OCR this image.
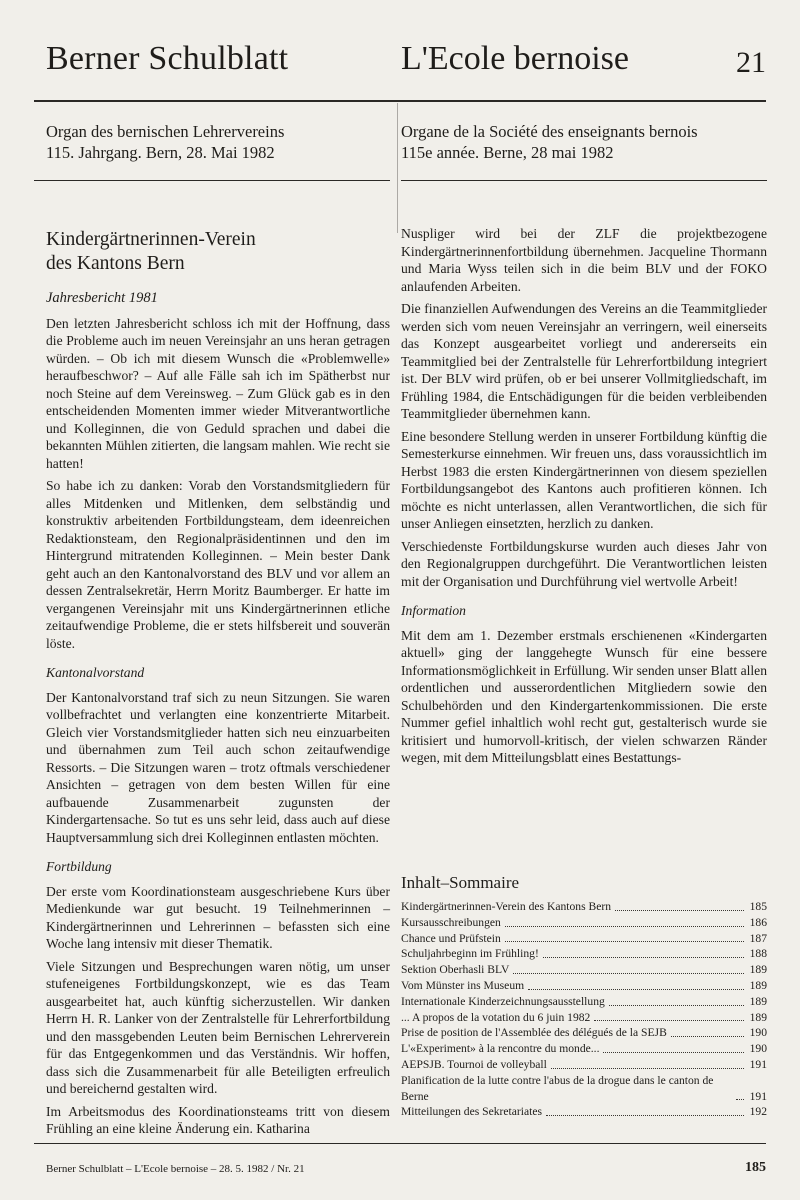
Berner Schulblatt	L'Ecole bernoise	21
Organ des bernischen Lehrervereins
115. Jahrgang. Bern, 28. Mai 1982
Organe de la Société des enseignants bernois
115e année. Berne, 28 mai 1982
Kindergärtnerinnen-Verein
des Kantons Bern
Jahresbericht 1981

Den letzten Jahresbericht schloss ich mit der Hoffnung, dass die Probleme auch im neuen Vereinsjahr an uns heran getragen würden. – Ob ich mit diesem Wunsch die «Problemwelle» heraufbeschwor? – Auf alle Fälle sah ich im Spätherbst nur noch Steine auf dem Vereinsweg. – Zum Glück gab es in den entscheidenden Momenten immer wieder Mitverantwortliche und Kolleginnen, die von Geduld sprachen und dabei die bekannten Mühlen zitierten, die langsam mahlen. Wie recht sie hatten!

So habe ich zu danken: Vorab den Vorstandsmitgliedern für alles Mitdenken und Mitlenken, dem selbständig und konstruktiv arbeitenden Fortbildungsteam, dem ideenreichen Redaktionsteam, den Regionalpräsidentinnen und den im Hintergrund mitratenden Kolleginnen. – Mein bester Dank geht auch an den Kantonalvorstand des BLV und vor allem an dessen Zentralsekretär, Herrn Moritz Baumberger. Er hatte im vergangenen Vereinsjahr mit uns Kindergärtnerinnen etliche zeitaufwendige Probleme, die er stets hilfsbereit und souverän löste.

Kantonalvorstand

Der Kantonalvorstand traf sich zu neun Sitzungen. Sie waren vollbefrachtet und verlangten eine konzentrierte Mitarbeit. Gleich vier Vorstandsmitglieder hatten sich neu einzuarbeiten und übernahmen zum Teil auch schon zeitaufwendige Ressorts. – Die Sitzungen waren – trotz oftmals verschiedener Ansichten – getragen von dem besten Willen für eine aufbauende Zusammenarbeit zugunsten der Kindergartensache. So tut es uns sehr leid, dass auch auf diese Hauptversammlung sich drei Kolleginnen entlasten möchten.

Fortbildung

Der erste vom Koordinationsteam ausgeschriebene Kurs über Medienkunde war gut besucht. 19 Teilnehmerinnen – Kindergärtnerinnen und Lehrerinnen – befassten sich eine Woche lang intensiv mit dieser Thematik.

Viele Sitzungen und Besprechungen waren nötig, um unser stufeneigenes Fortbildungskonzept, wie es das Team ausgearbeitet hat, auch künftig sicherzustellen. Wir danken Herrn H. R. Lanker von der Zentralstelle für Lehrerfortbildung und den massgebenden Leuten beim Bernischen Lehrerverein für das Entgegenkommen und das Verständnis. Wir hoffen, dass sich die Zusammenarbeit für alle Beteiligten erfreulich und bereichernd gestalten wird.

Im Arbeitsmodus des Koordinationsteams tritt von diesem Frühling an eine kleine Änderung ein. Katharina

Nuspliger wird bei der ZLF die projektbezogene Kindergärtnerinnenfortbildung übernehmen. Jacqueline Thormann und Maria Wyss teilen sich in die beim BLV und der FOKO anlaufenden Arbeiten.

Die finanziellen Aufwendungen des Vereins an die Teammitglieder werden sich vom neuen Vereinsjahr an verringern, weil einerseits das Konzept ausgearbeitet vorliegt und andererseits ein Teammitglied bei der Zentralstelle für Lehrerfortbildung integriert ist. Der BLV wird prüfen, ob er bei unserer Vollmitgliedschaft, im Frühling 1984, die Entschädigungen für die beiden verbleibenden Teammitglieder übernehmen kann.

Eine besondere Stellung werden in unserer Fortbildung künftig die Semesterkurse einnehmen. Wir freuen uns, dass voraussichtlich im Herbst 1983 die ersten Kindergärtnerinnen von diesem speziellen Fortbildungsangebot des Kantons auch profitieren können. Ich möchte es nicht unterlassen, allen Verantwortlichen, die sich für unser Anliegen einsetzten, herzlich zu danken.

Verschiedenste Fortbildungskurse wurden auch dieses Jahr von den Regionalgruppen durchgeführt. Die Verantwortlichen leisten mit der Organisation und Durchführung viel wertvolle Arbeit!

Information

Mit dem am 1. Dezember erstmals erschienenen «Kindergarten aktuell» ging der langgehegte Wunsch für eine bessere Informationsmöglichkeit in Erfüllung. Wir senden unser Blatt allen ordentlichen und ausserordentlichen Mitgliedern sowie den Schulbehörden und den Kindergartenkommissionen. Die erste Nummer gefiel inhaltlich wohl recht gut, gestalterisch wurde sie kritisiert und humorvoll-kritisch, der vielen schwarzen Ränder wegen, mit dem Mitteilungsblatt eines Bestattungs-

Inhalt–Sommaire
Kindergärtnerinnen-Verein des Kantons Bern	185
Kursausschreibungen	186
Chance und Prüfstein	187
Schuljahrbeginn im Frühling!	188
Sektion Oberhasli BLV	189
Vom Münster ins Museum	189
Internationale Kinderzeichnungsausstellung	189
... A propos de la votation du 6 juin 1982	189
Prise de position de l'Assemblée des délégués de la SEJB	190
L'«Experiment» à la rencontre du monde...	190
AEPSJB. Tournoi de volleyball	191
Planification de la lutte contre l'abus de la drogue dans le canton de Berne	191
Mitteilungen des Sekretariates	192
Berner Schulblatt – L'Ecole bernoise – 28. 5. 1982 / Nr. 21	185
